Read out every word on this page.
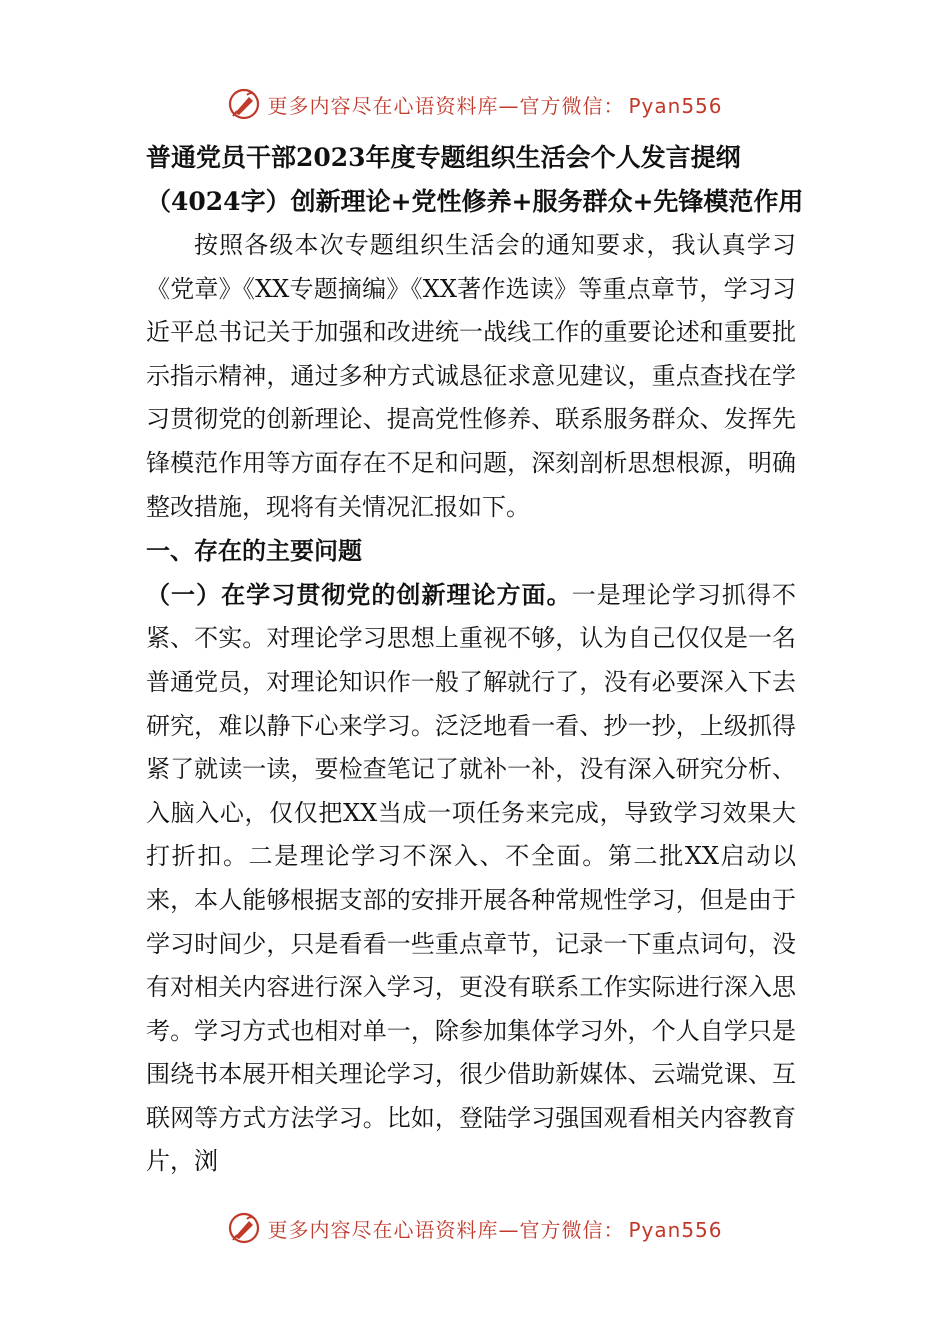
更多内容尽在心语资料库—官方微信： Pyan556

普通党员干部2023年度专题组织生活会个人发言提纲

（4024字）创新理论+党性修养+服务群众+先锋模范作用

按照各级本次专题组织生活会的通知要求，我认真学习《党章》《XX专题摘编》《XX著作选读》等重点章节，学习习近平总书记关于加强和改进统一战线工作的重要论述和重要批示指示精神，通过多种方式诚恳征求意见建议，重点查找在学习贯彻党的创新理论、提高党性修养、联系服务群众、发挥先锋模范作用等方面存在不足和问题，深刻剖析思想根源，明确整改措施，现将有关情况汇报如下。

一、存在的主要问题

（一）在学习贯彻党的创新理论方面。一是理论学习抓得不紧、不实。对理论学习思想上重视不够，认为自己仅仅是一名普通党员，对理论知识作一般了解就行了，没有必要深入下去研究，难以静下心来学习。泛泛地看一看、抄一抄，上级抓得紧了就读一读，要检查笔记了就补一补，没有深入研究分析、入脑入心，仅仅把XX当成一项任务来完成，导致学习效果大打折扣。二是理论学习不深入、不全面。第二批XX启动以来，本人能够根据支部的安排开展各种常规性学习，但是由于学习时间少，只是看看一些重点章节，记录一下重点词句，没有对相关内容进行深入学习，更没有联系工作实际进行深入思考。学习方式也相对单一，除参加集体学习外，个人自学只是围绕书本展开相关理论学习，很少借助新媒体、云端党课、互联网等方式方法学习。比如，登陆学习强国观看相关内容教育片，浏

更多内容尽在心语资料库—官方微信： Pyan556
